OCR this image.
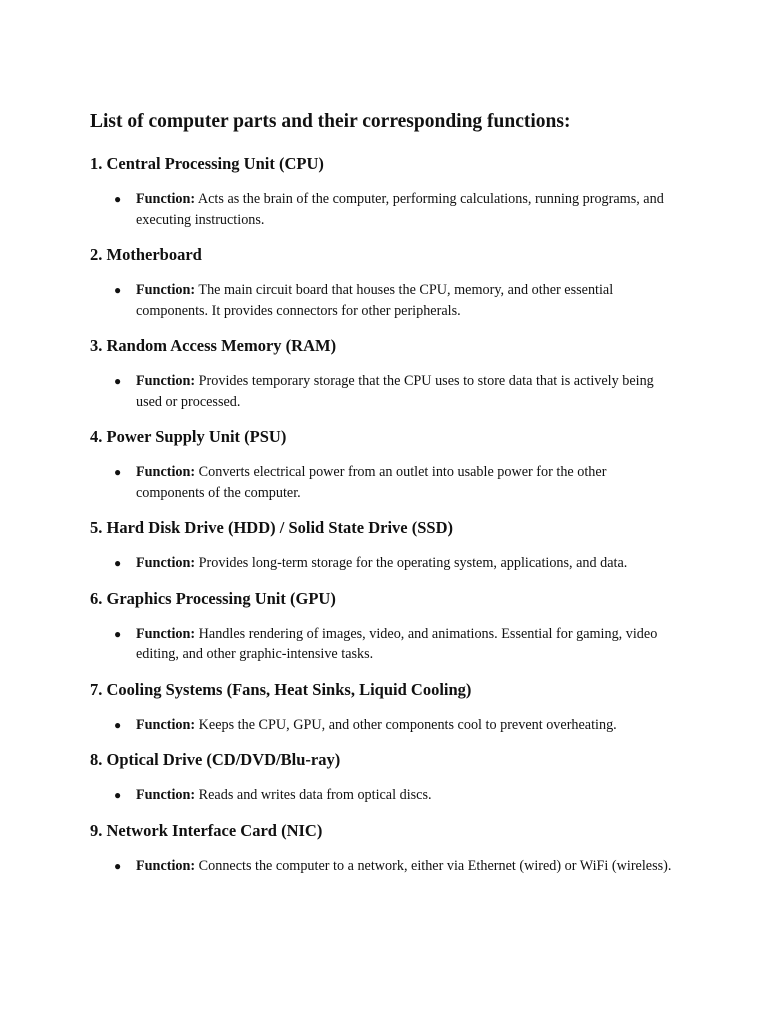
List of computer parts and their corresponding functions:
1. Central Processing Unit (CPU)
● Function: Acts as the brain of the computer, performing calculations, running programs, and executing instructions.
2. Motherboard
● Function: The main circuit board that houses the CPU, memory, and other essential components. It provides connectors for other peripherals.
3. Random Access Memory (RAM)
● Function: Provides temporary storage that the CPU uses to store data that is actively being used or processed.
4. Power Supply Unit (PSU)
● Function: Converts electrical power from an outlet into usable power for the other components of the computer.
5. Hard Disk Drive (HDD) / Solid State Drive (SSD)
● Function: Provides long-term storage for the operating system, applications, and data.
6. Graphics Processing Unit (GPU)
● Function: Handles rendering of images, video, and animations. Essential for gaming, video editing, and other graphic-intensive tasks.
7. Cooling Systems (Fans, Heat Sinks, Liquid Cooling)
● Function: Keeps the CPU, GPU, and other components cool to prevent overheating.
8. Optical Drive (CD/DVD/Blu-ray)
● Function: Reads and writes data from optical discs.
9. Network Interface Card (NIC)
● Function: Connects the computer to a network, either via Ethernet (wired) or WiFi (wireless).
